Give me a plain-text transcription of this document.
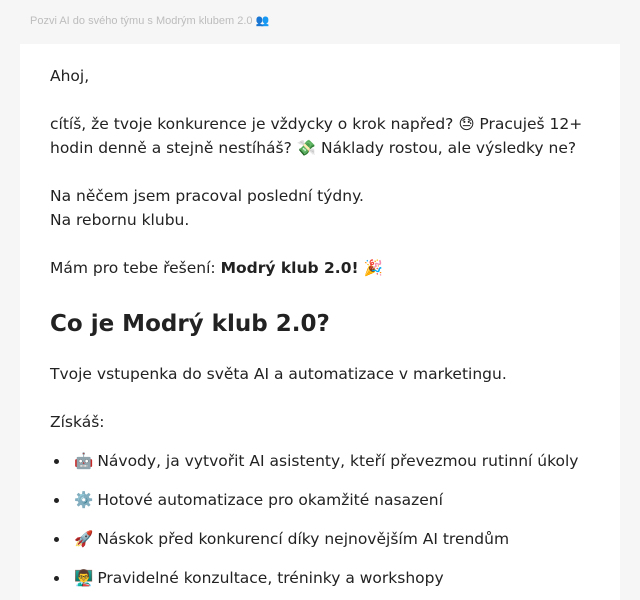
Pozvi AI do svého týmu s Modrým klubem 2.0 👥

Ahoj,

cítíš, že tvoje konkurence je vždycky o krok napřed? 😓 Pracuješ 12+ hodin denně a stejně nestíháš? 💸 Náklady rostou, ale výsledky ne?

Na něčem jsem pracoval poslední týdny.
Na rebornu klubu.

Mám pro tebe řešení: Modrý klub 2.0! 🎉

Co je Modrý klub 2.0?

Tvoje vstupenka do světa AI a automatizace v marketingu.

Získáš:

🤖 Návody, ja vytvořit AI asistenty, kteří převezmou rutinní úkoly
⚙️ Hotové automatizace pro okamžité nasazení
🚀 Náskok před konkurencí díky nejnovějším AI trendům
👨‍🏫 Pravidelné konzultace, tréninky a workshopy
